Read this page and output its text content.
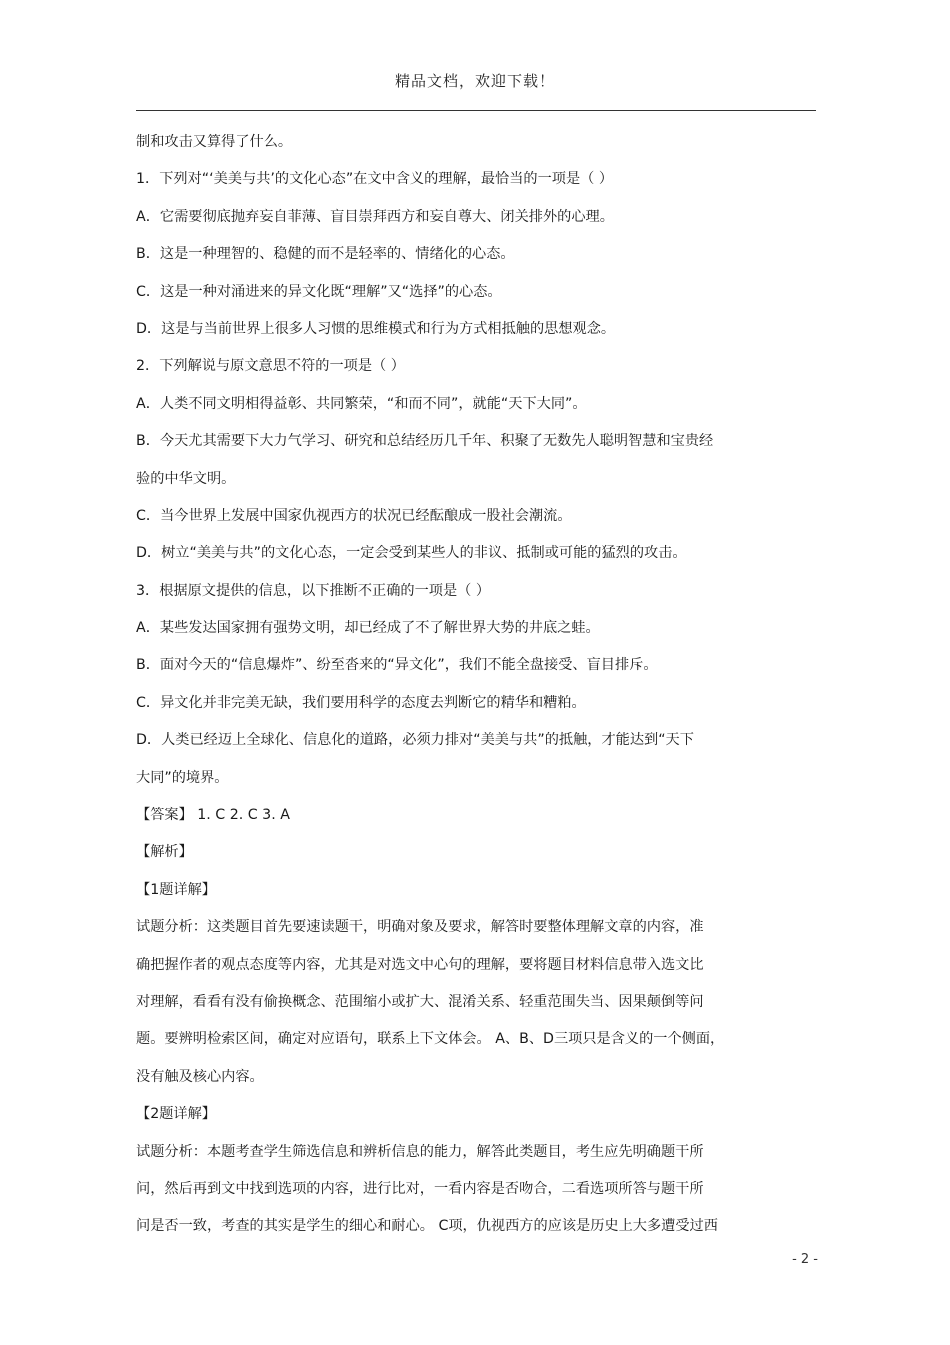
精品文档，欢迎下载！
制和攻击又算得了什么。
1．下列对“‘美美与共’的文化心态”在文中含义的理解，最恰当的一项是（ ）
A．它需要彻底抛弃妄自菲薄、盲目崇拜西方和妄自尊大、闭关排外的心理。
B．这是一种理智的、稳健的而不是轻率的、情绪化的心态。
C．这是一种对涌进来的异文化既“理解”又“选择”的心态。
D．这是与当前世界上很多人习惯的思维模式和行为方式相抵触的思想观念。
2．下列解说与原文意思不符的一项是（ ）
A．人类不同文明相得益彰、共同繁荣，“和而不同”，就能“天下大同”。
B．今天尤其需要下大力气学习、研究和总结经历几千年、积聚了无数先人聪明智慧和宝贵经
验的中华文明。
C．当今世界上发展中国家仇视西方的状况已经酝酿成一股社会潮流。
D．树立“美美与共”的文化心态，一定会受到某些人的非议、抵制或可能的猛烈的攻击。
3．根据原文提供的信息，以下推断不正确的一项是（ ）
A．某些发达国家拥有强势文明，却已经成了不了解世界大势的井底之蛙。
B．面对今天的“信息爆炸”、纷至沓来的“异文化”，我们不能全盘接受、盲目排斥。
C．异文化并非完美无缺，我们要用科学的态度去判断它的精华和糟粕。
D．人类已经迈上全球化、信息化的道路，必须力排对“美美与共”的抵触，才能达到“天下
大同”的境界。
【答案】 1. C 2. C 3. A
【解析】
【1题详解】
试题分析：这类题目首先要速读题干，明确对象及要求，解答时要整体理解文章的内容，准
确把握作者的观点态度等内容，尤其是对选文中心句的理解，要将题目材料信息带入选文比
对理解，看看有没有偷换概念、范围缩小或扩大、混淆关系、轻重范围失当、因果颠倒等问
题。要辨明检索区间，确定对应语句，联系上下文体会。 A、B、D三项只是含义的一个侧面，
没有触及核心内容。
【2题详解】
试题分析：本题考查学生筛选信息和辨析信息的能力，解答此类题目，考生应先明确题干所
问，然后再到文中找到选项的内容，进行比对，一看内容是否吻合，二看选项所答与题干所
问是否一致，考查的其实是学生的细心和耐心。 C项，仇视西方的应该是历史上大多遭受过西
- 2 -
